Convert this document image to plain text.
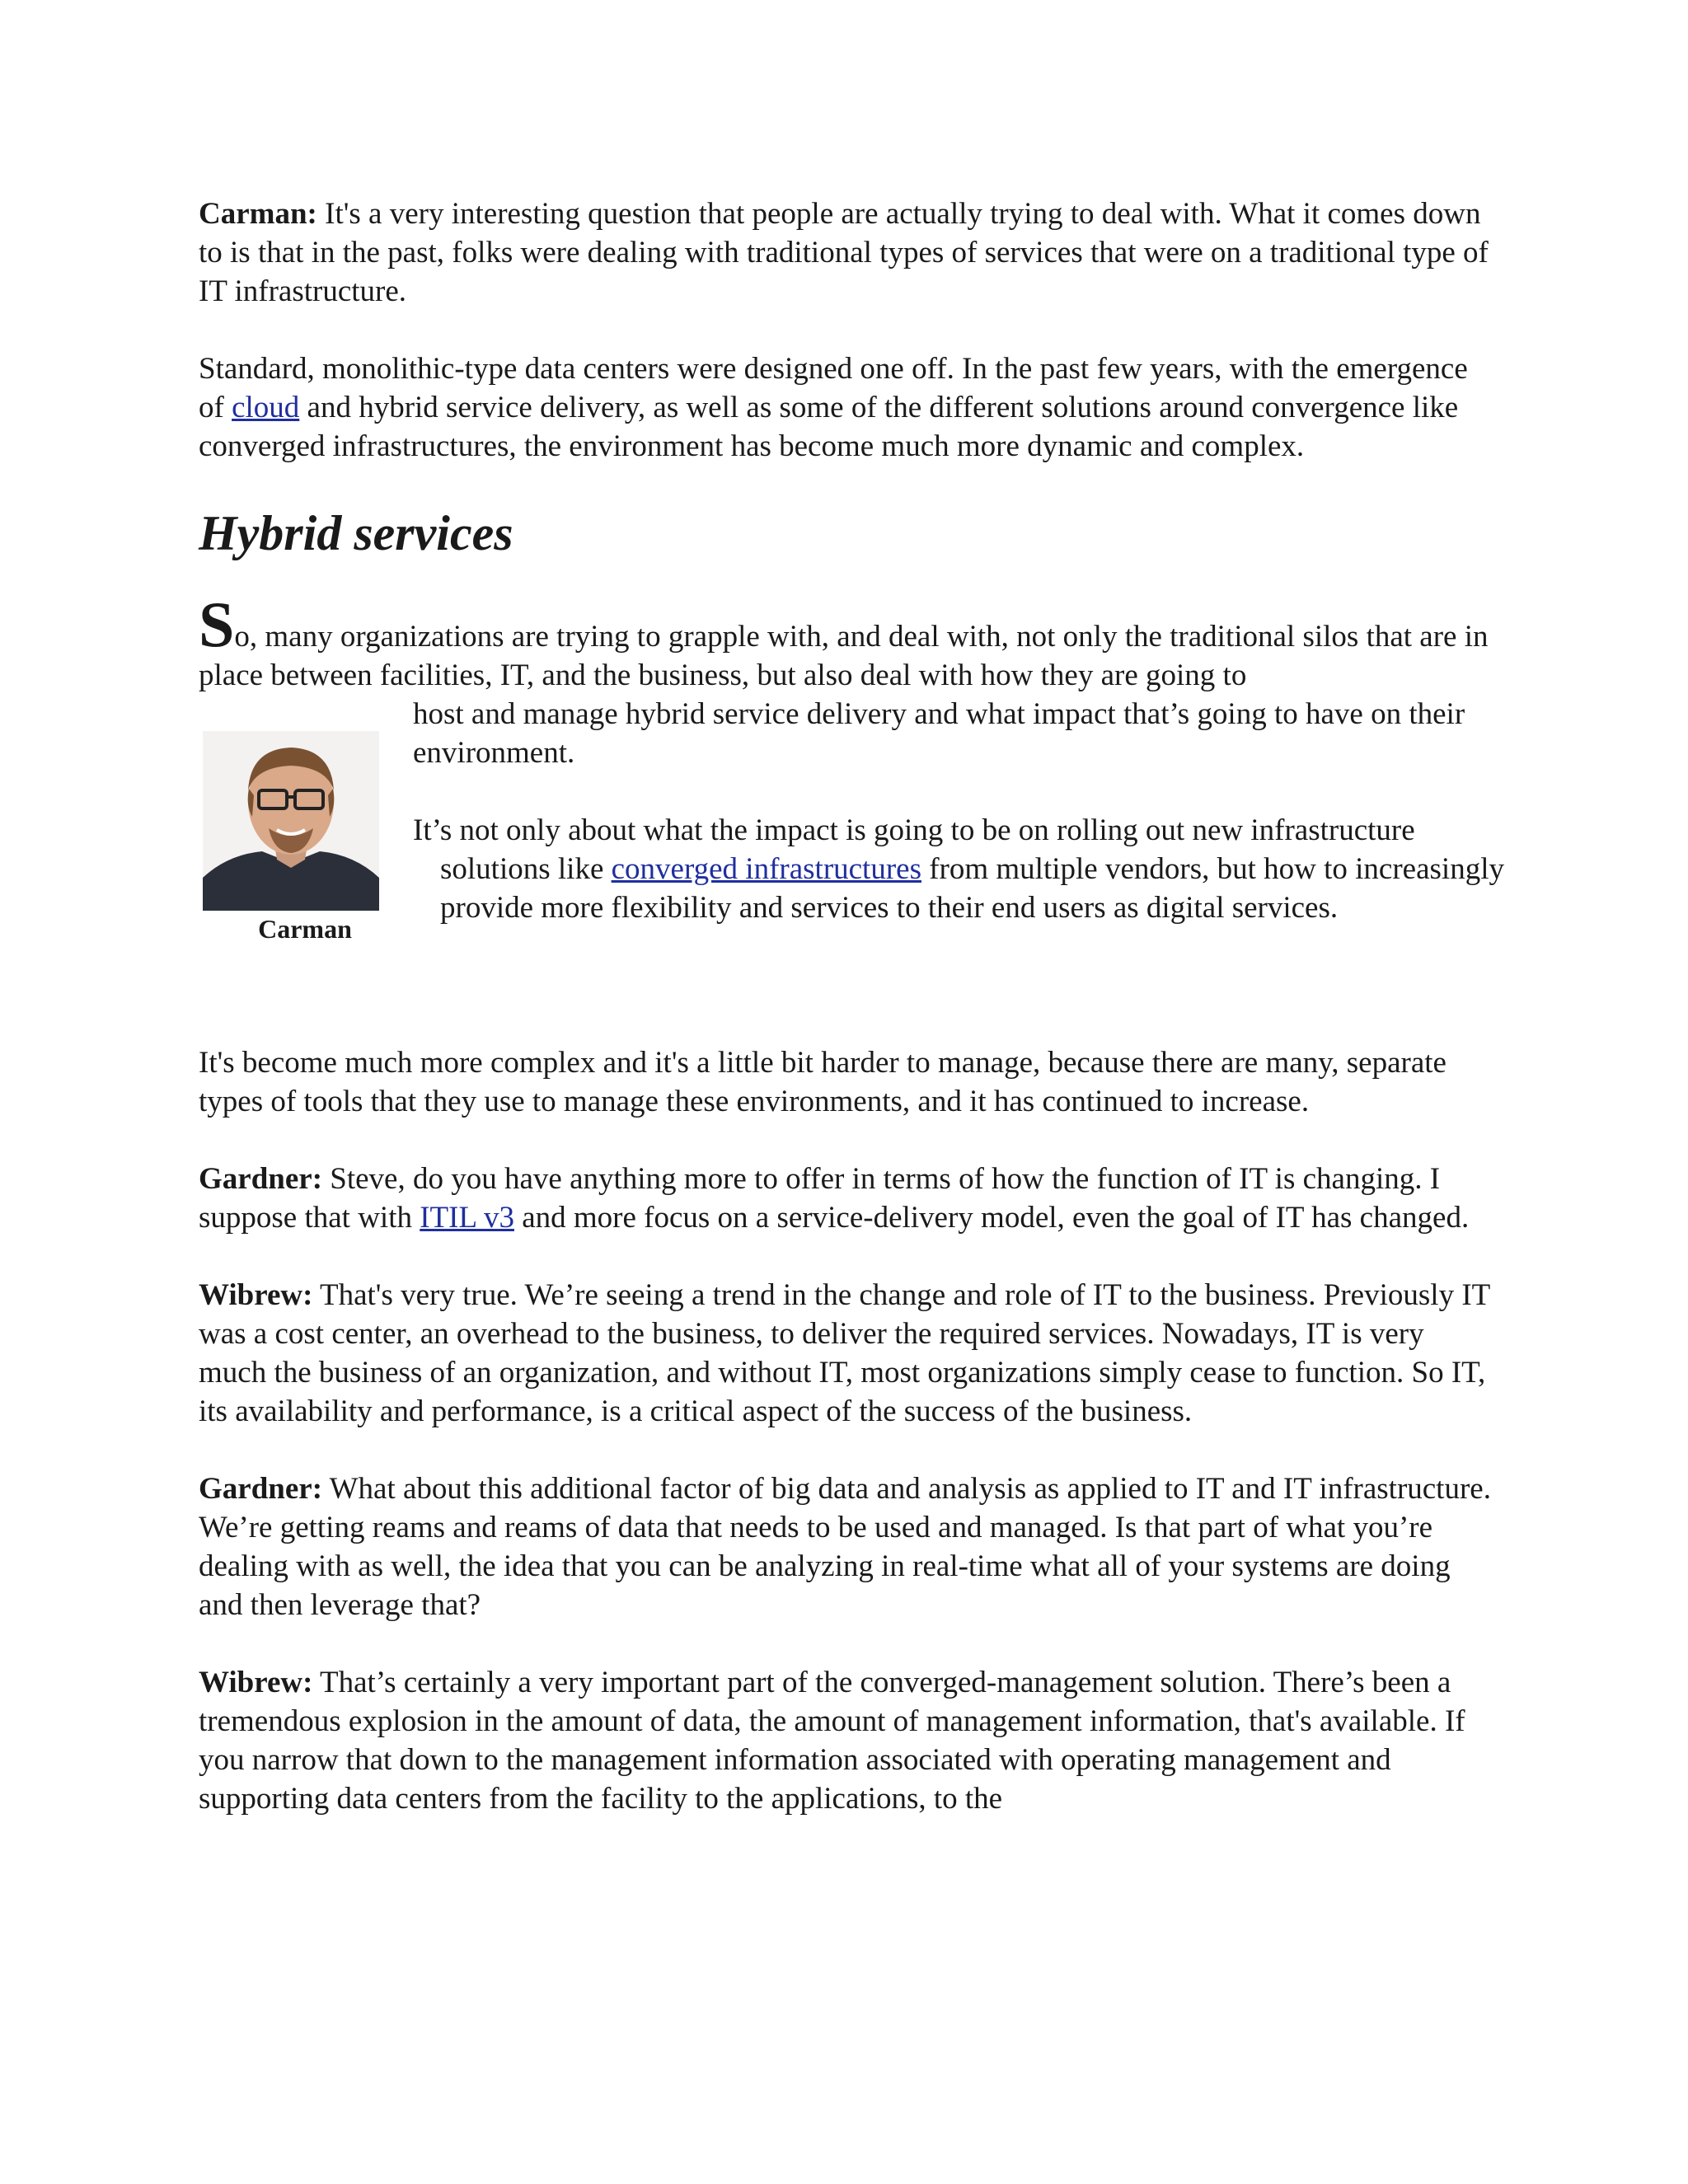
Carman: It's a very interesting question that people are actually trying to deal with. What it comes down to is that in the past, folks were dealing with traditional types of services that were on a traditional type of IT infrastructure.

Standard, monolithic-type data centers were designed one off. In the past few years, with the emergence of cloud and hybrid service delivery, as well as some of the different solutions around convergence like converged infrastructures, the environment has become much more dynamic and complex.

Hybrid services

So, many organizations are trying to grapple with, and deal with, not only the traditional silos that are in place between facilities, IT, and the business, but also deal with how they are going to

Carman

host and manage hybrid service delivery and what impact that’s going to have on their environment.

It’s not only about what the impact is going to be on rolling out new infrastructure solutions like converged infrastructures from multiple vendors, but how to increasingly provide more flexibility and services to their end users as digital services.

It's become much more complex and it's a little bit harder to manage, because there are many, separate types of tools that they use to manage these environments, and it has continued to increase.

Gardner: Steve, do you have anything more to offer in terms of how the function of IT is changing. I suppose that with ITIL v3 and more focus on a service-delivery model, even the goal of IT has changed.

Wibrew: That's very true. We’re seeing a trend in the change and role of IT to the business. Previously IT was a cost center, an overhead to the business, to deliver the required services. Nowadays, IT is very much the business of an organization, and without IT, most organizations simply cease to function. So IT, its availability and performance, is a critical aspect of the success of the business.

Gardner: What about this additional factor of big data and analysis as applied to IT and IT infrastructure. We’re getting reams and reams of data that needs to be used and managed. Is that part of what you’re dealing with as well, the idea that you can be analyzing in real-time what all of your systems are doing and then leverage that?

Wibrew: That’s certainly a very important part of the converged-management solution. There’s been a tremendous explosion in the amount of data, the amount of management information, that's available. If you narrow that down to the management information associated with operating management and supporting data centers from the facility to the applications, to the
